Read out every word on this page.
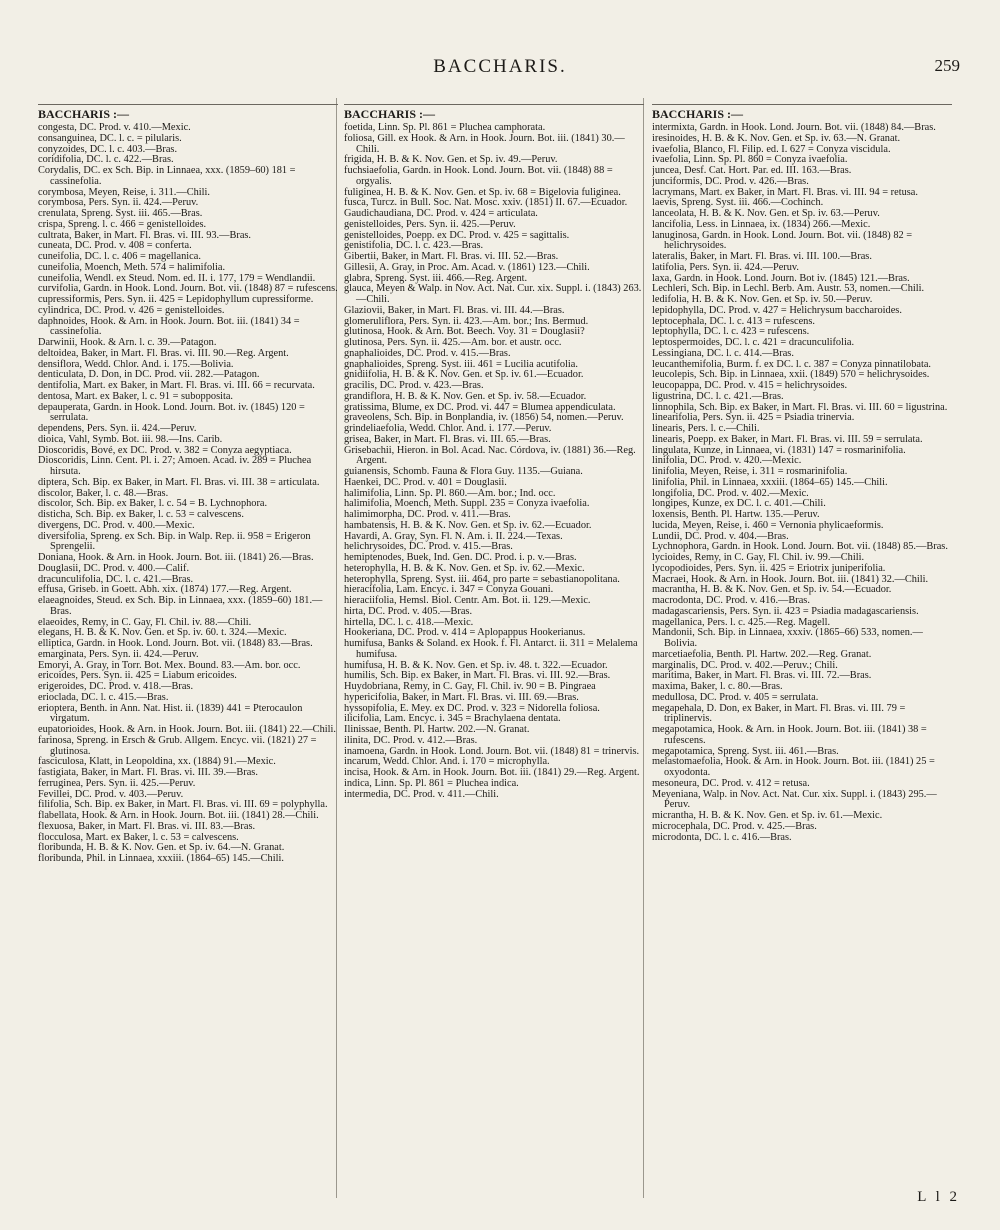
BACCHARIS.	259
BACCHARIS :—
congesta, DC. Prod. v. 410.—Mexic.
consanguinea, DC. l. c. = pilularis.
conyzoides, DC. l. c. 403.—Bras.
coridifolia, DC. l. c. 422.—Bras.
Corydalis, DC. ex Sch. Bip. in Linnaea, xxx. (1859–60) 181 = cassinefolia.
corymbosa, Meyen, Reise, i. 311.—Chili.
corymbosa, Pers. Syn. ii. 424.—Peruv.
crenulata, Spreng. Syst. iii. 465.—Bras.
crispa, Spreng. l. c. 466 = genistelloides.
cultrata, Baker, in Mart. Fl. Bras. vi. III. 93.—Bras.
cuneata, DC. Prod. v. 408 = conferta.
cuneifolia, DC. l. c. 406 = magellanica.
cuneifolia, Moench, Meth. 574 = halimifolia.
cuneifolia, Wendl. ex Steud. Nom. ed. II. i. 177, 179 = Wendlandii.
curvifolia, Gardn. in Hook. Lond. Journ. Bot. vii. (1848) 87 = rufescens.
cupressiformis, Pers. Syn. ii. 425 = Lepidophyllum cupressiforme.
cylindrica, DC. Prod. v. 426 = genistelloides.
daphnoides, Hook. & Arn. in Hook. Journ. Bot. iii. (1841) 34 = cassinefolia.
Darwinii, Hook. & Arn. l. c. 39.—Patagon.
deltoidea, Baker, in Mart. Fl. Bras. vi. III. 90.—Reg. Argent.
densiflora, Wedd. Chlor. And. i. 175.—Bolivia.
denticulata, D. Don, in DC. Prod. vii. 282.—Patagon.
dentifolia, Mart. ex Baker, in Mart. Fl. Bras. vi. III. 66 = recurvata.
dentosa, Mart. ex Baker, l. c. 91 = subopposita.
depauperata, Gardn. in Hook. Lond. Journ. Bot. iv. (1845) 120 = serrulata.
dependens, Pers. Syn. ii. 424.—Peruv.
dioica, Vahl, Symb. Bot. iii. 98.—Ins. Carib.
Dioscoridis, Bové, ex DC. Prod. v. 382 = Conyza aegyptiaca.
Dioscoridis, Linn. Cent. Pl. i. 27; Amoen. Acad. iv. 289 = Pluchea hirsuta.
diptera, Sch. Bip. ex Baker, in Mart. Fl. Bras. vi. III. 38 = articulata.
discolor, Baker, l. c. 48.—Bras.
discolor, Sch. Bip. ex Baker, l. c. 54 = B. Lychnophora.
disticha, Sch. Bip. ex Baker, l. c. 53 = calvescens.
divergens, DC. Prod. v. 400.—Mexic.
diversifolia, Spreng. ex Sch. Bip. in Walp. Rep. ii. 958 = Erigeron Sprengelii.
Doniana, Hook. & Arn. in Hook. Journ. Bot. iii. (1841) 26.—Bras.
Douglasii, DC. Prod. v. 400.—Calif.
dracunculifolia, DC. l. c. 421.—Bras.
effusa, Griseb. in Goett. Abh. xix. (1874) 177.—Reg. Argent.
elaeagnoides, Steud. ex Sch. Bip. in Linnaea, xxx. (1859–60) 181.—Bras.
elaeoides, Remy, in C. Gay, Fl. Chil. iv. 88.—Chili.
elegans, H. B. & K. Nov. Gen. et Sp. iv. 60. t. 324.—Mexic.
elliptica, Gardn. in Hook. Lond. Journ. Bot. vii. (1848) 83.—Bras.
emarginata, Pers. Syn. ii. 424.—Peruv.
Emoryi, A. Gray, in Torr. Bot. Mex. Bound. 83.—Am. bor. occ.
ericoides, Pers. Syn. ii. 425 = Liabum ericoides.
erigeroides, DC. Prod. v. 418.—Bras.
erioclada, DC. l. c. 415.—Bras.
erioptera, Benth. in Ann. Nat. Hist. ii. (1839) 441 = Pterocaulon virgatum.
eupatorioides, Hook. & Arn. in Hook. Journ. Bot. iii. (1841) 22.—Chili.
farinosa, Spreng. in Ersch & Grub. Allgem. Encyc. vii. (1821) 27 = glutinosa.
fasciculosa, Klatt, in Leopoldina, xx. (1884) 91.—Mexic.
fastigiata, Baker, in Mart. Fl. Bras. vi. III. 39.—Bras.
ferruginea, Pers. Syn. ii. 425.—Peruv.
Fevillei, DC. Prod. v. 403.—Peruv.
filifolia, Sch. Bip. ex Baker, in Mart. Fl. Bras. vi. III. 69 = polyphylla.
flabellata, Hook. & Arn. in Hook. Journ. Bot. iii. (1841) 28.—Chili.
flexuosa, Baker, in Mart. Fl. Bras. vi. III. 83.—Bras.
flocculosa, Mart. ex Baker, l. c. 53 = calvescens.
floribunda, H. B. & K. Nov. Gen. et Sp. iv. 64.—N. Granat.
floribunda, Phil. in Linnaea, xxxiii. (1864–65) 145.—Chili.
BACCHARIS :—
foetida, Linn. Sp. Pl. 861 = Pluchea camphorata.
foliosa, Gill. ex Hook. & Arn. in Hook. Journ. Bot. iii. (1841) 30.—Chili.
frigida, H. B. & K. Nov. Gen. et Sp. iv. 49.—Peruv.
fuchsiaefolia, Gardn. in Hook. Lond. Journ. Bot. vii. (1848) 88 = orgyalis.
fuliginea, H. B. & K. Nov. Gen. et Sp. iv. 68 = Bigelovia fuliginea.
fusca, Turcz. in Bull. Soc. Nat. Mosc. xxiv. (1851) II. 67.—Ecuador.
Gaudichaudiana, DC. Prod. v. 424 = articulata.
genistelloides, Pers. Syn. ii. 425.—Peruv.
genistelloides, Poepp. ex DC. Prod. v. 425 = sagittalis.
genistifolia, DC. l. c. 423.—Bras.
Gibertii, Baker, in Mart. Fl. Bras. vi. III. 52.—Bras.
Gillesii, A. Gray, in Proc. Am. Acad. v. (1861) 123.—Chili.
glabra, Spreng. Syst. iii. 466.—Reg. Argent.
glauca, Meyen & Walp. in Nov. Act. Nat. Cur. xix. Suppl. i. (1843) 263.—Chili.
Glaziovii, Baker, in Mart. Fl. Bras. vi. III. 44.—Bras.
glomeruliflora, Pers. Syn. ii. 423.—Am. bor.; Ins. Bermud.
glutinosa, Hook. & Arn. Bot. Beech. Voy. 31 = Douglasii?
glutinosa, Pers. Syn. ii. 425.—Am. bor. et austr. occ.
gnaphalioides, DC. Prod. v. 415.—Bras.
gnaphalioides, Spreng. Syst. iii. 461 = Lucilia acutifolia.
gnidiifolia, H. B. & K. Nov. Gen. et Sp. iv. 61.—Ecuador.
gracilis, DC. Prod. v. 423.—Bras.
grandiflora, H. B. & K. Nov. Gen. et Sp. iv. 58.—Ecuador.
gratissima, Blume, ex DC. Prod. vi. 447 = Blumea appendiculata.
graveolens, Sch. Bip. in Bonplandia, iv. (1856) 54, nomen.—Peruv.
grindeliaefolia, Wedd. Chlor. And. i. 177.—Peruv.
grisea, Baker, in Mart. Fl. Bras. vi. III. 65.—Bras.
Grisebachii, Hieron. in Bol. Acad. Nac. Córdova, iv. (1881) 36.—Reg. Argent.
guianensis, Schomb. Fauna & Flora Guy. 1135.—Guiana.
Haenkei, DC. Prod. v. 401 = Douglasii.
halimifolia, Linn. Sp. Pl. 860.—Am. bor.; Ind. occ.
halimifolia, Moench, Meth. Suppl. 235 = Conyza ivaefolia.
halimimorpha, DC. Prod. v. 411.—Bras.
hambatensis, H. B. & K. Nov. Gen. et Sp. iv. 62.—Ecuador.
Havardi, A. Gray, Syn. Fl. N. Am. i. II. 224.—Texas.
helichrysoides, DC. Prod. v. 415.—Bras.
hemiptenodes, Buek, Ind. Gen. DC. Prod. i. p. v.—Bras.
heterophylla, H. B. & K. Nov. Gen. et Sp. iv. 62.—Mexic.
heterophylla, Spreng. Syst. iii. 464, pro parte = sebastianopolitana.
hieracifolia, Lam. Encyc. i. 347 = Conyza Gouani.
hieraciifolia, Hemsl. Biol. Centr. Am. Bot. ii. 129.—Mexic.
hirta, DC. Prod. v. 405.—Bras.
hirtella, DC. l. c. 418.—Mexic.
Hookeriana, DC. Prod. v. 414 = Aplopappus Hookerianus.
humifusa, Banks & Soland. ex Hook. f. Fl. Antarct. ii. 311 = Melalema humifusa.
humifusa, H. B. & K. Nov. Gen. et Sp. iv. 48. t. 322.—Ecuador.
humilis, Sch. Bip. ex Baker, in Mart. Fl. Bras. vi. III. 92.—Bras.
Huydobriana, Remy, in C. Gay, Fl. Chil. iv. 90 = B. Pingraea
hypericifolia, Baker, in Mart. Fl. Bras. vi. III. 69.—Bras.
hyssopifolia, E. Mey. ex DC. Prod. v. 323 = Nidorella foliosa.
ilicifolia, Lam. Encyc. i. 345 = Brachylaena dentata.
Ilinissae, Benth. Pl. Hartw. 202.—N. Granat.
ilinita, DC. Prod. v. 412.—Bras.
inamoena, Gardn. in Hook. Lond. Journ. Bot. vii. (1848) 81 = trinervis.
incarum, Wedd. Chlor. And. i. 170 = microphylla.
incisa, Hook. & Arn. in Hook. Journ. Bot. iii. (1841) 29.—Reg. Argent.
indica, Linn. Sp. Pl. 861 = Pluchea indica.
intermedia, DC. Prod. v. 411.—Chili.
BACCHARIS :—
intermixta, Gardn. in Hook. Lond. Journ. Bot. vii. (1848) 84.—Bras.
iresinoides, H. B. & K. Nov. Gen. et Sp. iv. 63.—N. Granat.
ivaefolia, Blanco, Fl. Filip. ed. I. 627 = Conyza viscidula.
ivaefolia, Linn. Sp. Pl. 860 = Conyza ivaefolia.
juncea, Desf. Cat. Hort. Par. ed. III. 163.—Bras.
junciformis, DC. Prod. v. 426.—Bras.
lacrymans, Mart. ex Baker, in Mart. Fl. Bras. vi. III. 94 = retusa.
laevis, Spreng. Syst. iii. 466.—Cochinch.
lanceolata, H. B. & K. Nov. Gen. et Sp. iv. 63.—Peruv.
lancifolia, Less. in Linnaea, ix. (1834) 266.—Mexic.
lanuginosa, Gardn. in Hook. Lond. Journ. Bot. vii. (1848) 82 = helichrysoides.
lateralis, Baker, in Mart. Fl. Bras. vi. III. 100.—Bras.
latifolia, Pers. Syn. ii. 424.—Peruv.
laxa, Gardn. in Hook. Lond. Journ. Bot iv. (1845) 121.—Bras.
Lechleri, Sch. Bip. in Lechl. Berb. Am. Austr. 53, nomen.—Chili.
ledifolia, H. B. & K. Nov. Gen. et Sp. iv. 50.—Peruv.
lepidophylla, DC. Prod. v. 427 = Helichrysum baccharoides.
leptocephala, DC. l. c. 413 = rufescens.
leptophylla, DC. l. c. 423 = rufescens.
leptospermoides, DC. l. c. 421 = dracunculifolia.
Lessingiana, DC. l. c. 414.—Bras.
leucanthemifolia, Burm. f. ex DC. l. c. 387 = Conyza pinnatilobata.
leucolepis, Sch. Bip. in Linnaea, xxii. (1849) 570 = helichrysoides.
leucopappa, DC. Prod. v. 415 = helichrysoides.
ligustrina, DC. l. c. 421.—Bras.
linnophila, Sch. Bip. ex Baker, in Mart. Fl. Bras. vi. III. 60 = ligustrina.
linearifolia, Pers. Syn. ii. 425 = Psiadia trinervia.
linearis, Pers. l. c.—Chili.
linearis, Poepp. ex Baker, in Mart. Fl. Bras. vi. III. 59 = serrulata.
lingulata, Kunze, in Linnaea, vi. (1831) 147 = rosmarinifolia.
linifolia, DC. Prod. v. 420.—Mexic.
linifolia, Meyen, Reise, i. 311 = rosmarinifolia.
linifolia, Phil. in Linnaea, xxxiii. (1864–65) 145.—Chili.
longifolia, DC. Prod. v. 402.—Mexic.
longipes, Kunze, ex DC. l. c. 401.—Chili.
loxensis, Benth. Pl. Hartw. 135.—Peruv.
lucida, Meyen, Reise, i. 460 = Vernonia phylicaeformis.
Lundii, DC. Prod. v. 404.—Bras.
Lychnophora, Gardn. in Hook. Lond. Journ. Bot. vii. (1848) 85.—Bras.
lycioides, Remy, in C. Gay, Fl. Chil. iv. 99.—Chili.
lycopodioides, Pers. Syn. ii. 425 = Eriotrix juniperifolia.
Macraei, Hook. & Arn. in Hook. Journ. Bot. iii. (1841) 32.—Chili.
macrantha, H. B. & K. Nov. Gen. et Sp. iv. 54.—Ecuador.
macrodonta, DC. Prod. v. 416.—Bras.
madagascariensis, Pers. Syn. ii. 423 = Psiadia madagascariensis.
magellanica, Pers. l. c. 425.—Reg. Magell.
Mandonii, Sch. Bip. in Linnaea, xxxiv. (1865–66) 533, nomen.—Bolivia.
marcetiaefolia, Benth. Pl. Hartw. 202.—Reg. Granat.
marginalis, DC. Prod. v. 402.—Peruv.; Chili.
maritima, Baker, in Mart. Fl. Bras. vi. III. 72.—Bras.
maxima, Baker, l. c. 80.—Bras.
medullosa, DC. Prod. v. 405 = serrulata.
megapehala, D. Don, ex Baker, in Mart. Fl. Bras. vi. III. 79 = triplinervis.
megapotamica, Hook. & Arn. in Hook. Journ. Bot. iii. (1841) 38 = rufescens.
megapotamica, Spreng. Syst. iii. 461.—Bras.
melastomaefolia, Hook. & Arn. in Hook. Journ. Bot. iii. (1841) 25 = oxyodonta.
mesoneura, DC. Prod. v. 412 = retusa.
Meyeniana, Walp. in Nov. Act. Nat. Cur. xix. Suppl. i. (1843) 295.—Peruv.
micrantha, H. B. & K. Nov. Gen. et Sp. iv. 61.—Mexic.
microcephala, DC. Prod. v. 425.—Bras.
microdonta, DC. l. c. 416.—Bras.
L l 2
